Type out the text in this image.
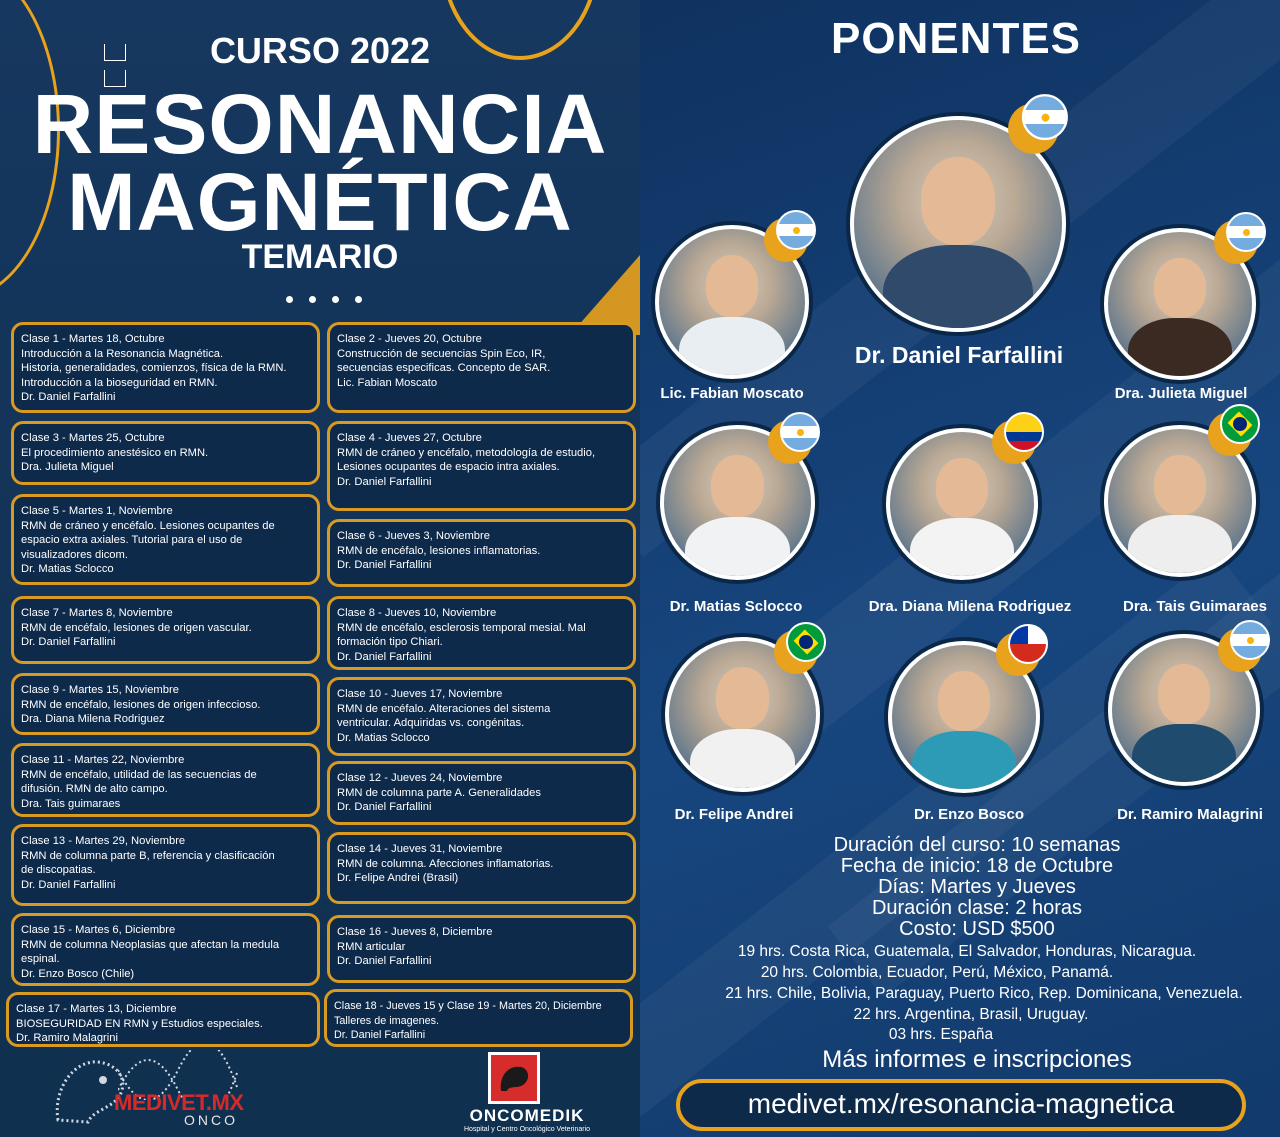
CURSO 2022
RESONANCIA
MAGNÉTICA
TEMARIO
Clase 1 - Martes 18, Octubre
Introducción a la Resonancia Magnética.
Historia, generalidades, comienzos, física de la RMN.
Introducción a la bioseguridad en RMN.
Dr. Daniel Farfallini
Clase 3 - Martes 25, Octubre
El procedimiento anestésico en RMN.
Dra. Julieta Miguel
Clase 5 - Martes 1, Noviembre
RMN de cráneo y encéfalo. Lesiones ocupantes de
espacio extra axiales. Tutorial para el uso de
visualizadores dicom.
Dr. Matias Sclocco
Clase 7 - Martes 8, Noviembre
RMN de encéfalo, lesiones de origen vascular.
Dr. Daniel Farfallini
Clase 9 - Martes 15, Noviembre
RMN de encéfalo, lesiones de origen infeccioso.
Dra. Diana Milena Rodriguez
Clase 11 - Martes 22, Noviembre
RMN de encéfalo, utilidad de las secuencias de
difusión. RMN de alto campo.
Dra. Tais guimaraes
Clase 13 - Martes 29, Noviembre
RMN de columna parte B, referencia y clasificación
de discopatias.
Dr. Daniel Farfallini
Clase 15 - Martes 6, Diciembre
RMN de columna Neoplasias que afectan la medula
espinal.
Dr. Enzo Bosco (Chile)
Clase 17 - Martes 13, Diciembre
BIOSEGURIDAD EN RMN y Estudios especiales.
Dr. Ramiro Malagrini
Clase 2 - Jueves 20, Octubre
Construcción de secuencias Spin Eco, IR,
secuencias especificas. Concepto de SAR.
Lic. Fabian Moscato
Clase 4 - Jueves 27, Octubre
RMN de cráneo y encéfalo, metodología de estudio,
Lesiones ocupantes de espacio intra axiales.
Dr. Daniel Farfallini
Clase 6 - Jueves 3, Noviembre
RMN de encéfalo, lesiones inflamatorias.
Dr. Daniel Farfallini
Clase 8 - Jueves 10, Noviembre
RMN de encéfalo, esclerosis temporal mesial. Mal
formación tipo Chiari.
Dr. Daniel Farfallini
Clase 10 - Jueves 17, Noviembre
RMN de encéfalo. Alteraciones del sistema
ventricular. Adquiridas vs. congénitas.
Dr. Matias Sclocco
Clase 12 - Jueves 24, Noviembre
RMN de columna parte A. Generalidades
Dr. Daniel Farfallini
Clase 14 - Jueves 31, Noviembre
RMN de columna. Afecciones inflamatorias.
Dr. Felipe Andrei (Brasil)
Clase 16 - Jueves 8, Diciembre
RMN articular
Dr. Daniel Farfallini
Clase 18 - Jueves 15 y Clase 19 - Martes 20, Diciembre
Talleres de imagenes.
Dr. Daniel Farfallini
MEDIVET.MX
ONCO	ONCOMEDIK
Hospital y Centro Oncológico Veterinario
PONENTES
Dr. Daniel Farfallini
Lic. Fabian Moscato	Dra. Julieta Miguel
Dr. Matias Sclocco	Dra. Diana Milena Rodriguez	Dra. Tais Guimaraes
Dr. Felipe Andrei	Dr. Enzo Bosco	Dr. Ramiro Malagrini
Duración del curso: 10 semanas
Fecha de inicio: 18 de Octubre
Días: Martes y Jueves
Duración clase: 2 horas
Costo: USD $500
19 hrs. Costa Rica, Guatemala, El Salvador, Honduras, Nicaragua.
20 hrs. Colombia, Ecuador, Perú, México, Panamá.
21 hrs. Chile, Bolivia, Paraguay, Puerto Rico, Rep. Dominicana, Venezuela.
22 hrs. Argentina, Brasil, Uruguay.
03 hrs. España
Más informes e inscripciones
medivet.mx/resonancia-magnetica
